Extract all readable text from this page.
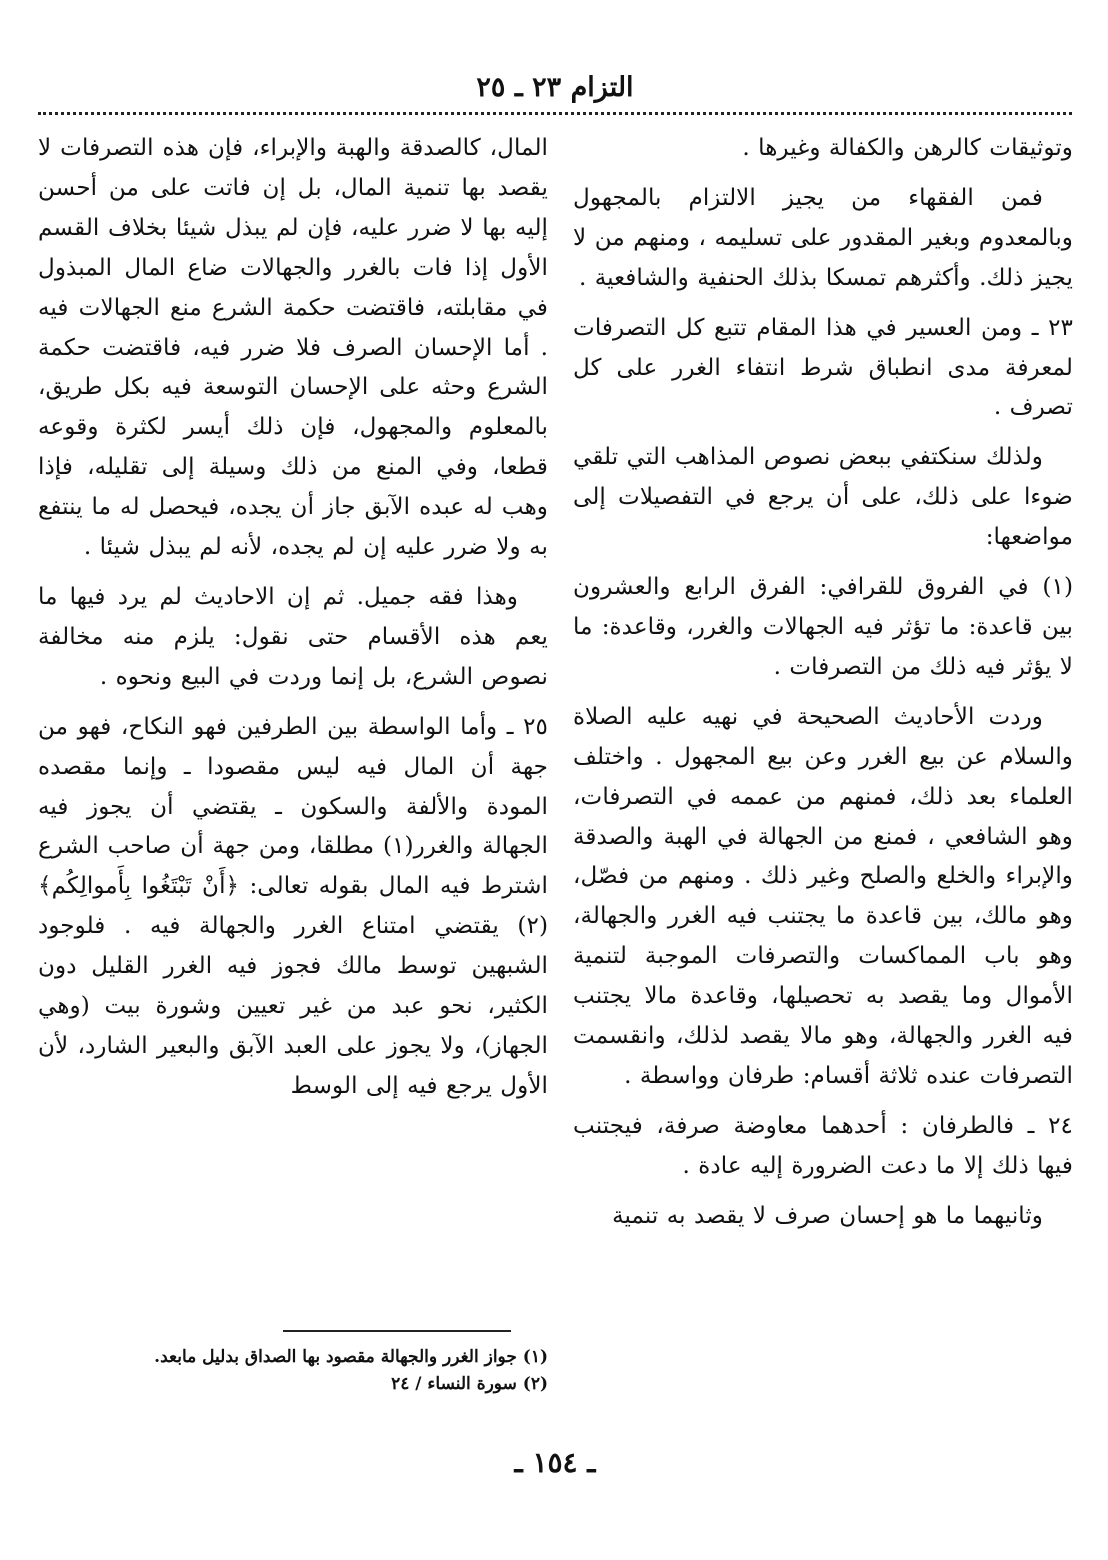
التزام ٢٣ ـ ٢٥

وتوثيقات كالرهن والكفالة وغيرها .

فمن الفقهاء من يجيز الالتزام بالمجهول وبالمعدوم وبغير المقدور على تسليمه ، ومنهم من لا يجيز ذلك. وأكثرهم تمسكا بذلك الحنفية والشافعية .

٢٣ ـ ومن العسير في هذا المقام تتبع كل التصرفات لمعرفة مدى انطباق شرط انتفاء الغرر على كل تصرف .

ولذلك سنكتفي ببعض نصوص المذاهب التي تلقي ضوءا على ذلك، على أن يرجع في التفصيلات إلى مواضعها:

(١) في الفروق للقرافي: الفرق الرابع والعشرون بين قاعدة: ما تؤثر فيه الجهالات والغرر، وقاعدة: ما لا يؤثر فيه ذلك من التصرفات .

وردت الأحاديث الصحيحة في نهيه عليه الصلاة والسلام عن بيع الغرر وعن بيع المجهول . واختلف العلماء بعد ذلك، فمنهم من عممه في التصرفات، وهو الشافعي ، فمنع من الجهالة في الهبة والصدقة والإبراء والخلع والصلح وغير ذلك . ومنهم من فصّل، وهو مالك، بين قاعدة ما يجتنب فيه الغرر والجهالة، وهو باب المماكسات والتصرفات الموجبة لتنمية الأموال وما يقصد به تحصيلها، وقاعدة مالا يجتنب فيه الغرر والجهالة، وهو مالا يقصد لذلك، وانقسمت التصرفات عنده ثلاثة أقسام: طرفان وواسطة .

٢٤ ـ فالطرفان : أحدهما معاوضة صرفة، فيجتنب فيها ذلك إلا ما دعت الضرورة إليه عادة .

وثانيهما ما هو إحسان صرف لا يقصد به تنمية

المال، كالصدقة والهبة والإبراء، فإن هذه التصرفات لا يقصد بها تنمية المال، بل إن فاتت على من أحسن إليه بها لا ضرر عليه، فإن لم يبذل شيئا بخلاف القسم الأول إذا فات بالغرر والجهالات ضاع المال المبذول في مقابلته، فاقتضت حكمة الشرع منع الجهالات فيه . أما الإحسان الصرف فلا ضرر فيه، فاقتضت حكمة الشرع وحثه على الإحسان التوسعة فيه بكل طريق، بالمعلوم والمجهول، فإن ذلك أيسر لكثرة وقوعه قطعا، وفي المنع من ذلك وسيلة إلى تقليله، فإذا وهب له عبده الآبق جاز أن يجده، فيحصل له ما ينتفع به ولا ضرر عليه إن لم يجده، لأنه لم يبذل شيئا .

وهذا فقه جميل. ثم إن الاحاديث لم يرد فيها ما يعم هذه الأقسام حتى نقول: يلزم منه مخالفة نصوص الشرع، بل إنما وردت في البيع ونحوه .

٢٥ ـ وأما الواسطة بين الطرفين فهو النكاح، فهو من جهة أن المال فيه ليس مقصودا ـ وإنما مقصده المودة والألفة والسكون ـ يقتضي أن يجوز فيه الجهالة والغرر(١) مطلقا، ومن جهة أن صاحب الشرع اشترط فيه المال بقوله تعالى: ﴿أَنْ تَبْتَغُوا بِأَموالِكُم﴾(٢) يقتضي امتناع الغرر والجهالة فيه . فلوجود الشبهين توسط مالك فجوز فيه الغرر القليل دون الكثير، نحو عبد من غير تعيين وشورة بيت (وهي الجهاز)، ولا يجوز على العبد الآبق والبعير الشارد، لأن الأول يرجع فيه إلى الوسط

(١) جواز الغرر والجهالة مقصود بها الصداق بدليل مابعد.
(٢) سورة النساء / ٢٤
ـ ١٥٤ ـ
